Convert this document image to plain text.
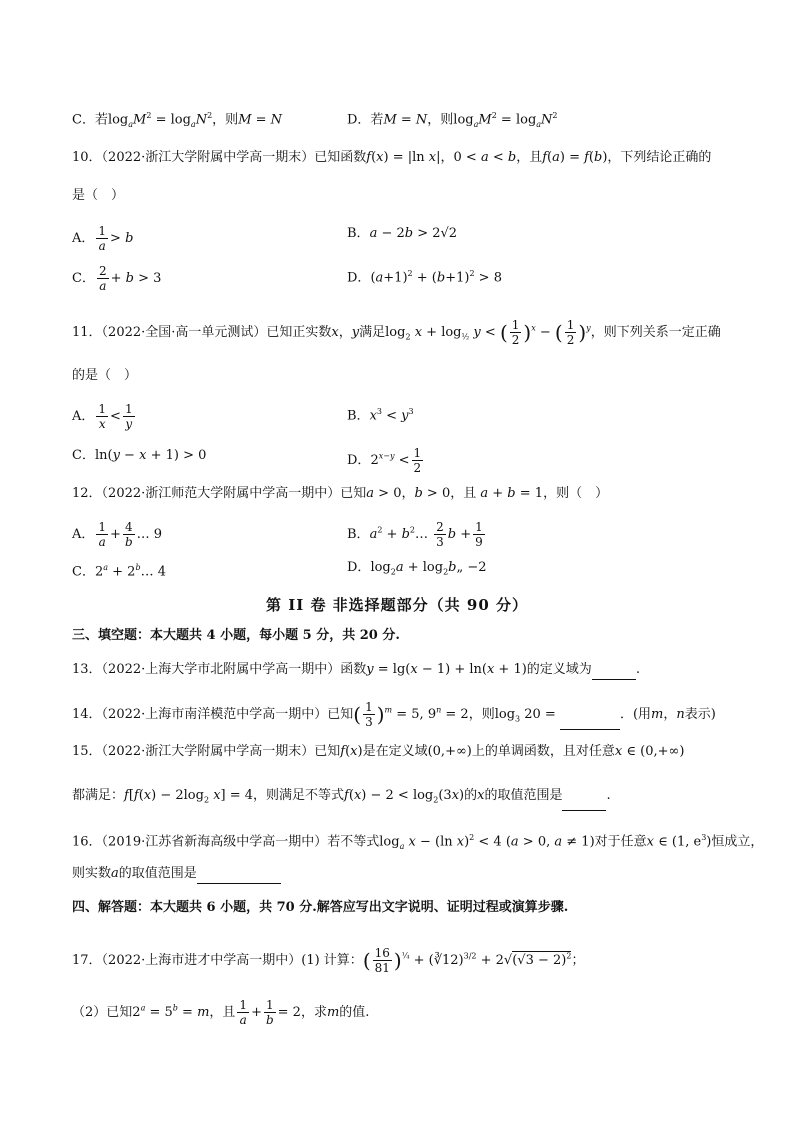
C．若$\log_aM^2 = \log_aN^2$，则M = N	D．若M = N，则$\log_aM^2 = \log_aN^2$
10．（2022·浙江大学附属中学高一期末）已知函数f(x) = |ln x|，0 < a < b，且f(a) = f(b)，下列结论正确的
是（　）
A． $\frac{1}{a} > b$	B．a − 2b > 2√2
C． $\frac{2}{a} + b > 3$	D．$(a+1)^2 + (b+1)^2 > 8$
11．（2022·全国·高一单元测试）已知正实数x，y满足$\log_2 x + \log_{\frac{1}{2}} y$ < ( $\frac{1}{2} )^x$ − ( $\frac{1}{2} )^y$，则下列关系一定正确
的是（　）
A． $\frac{1}{x} < \frac{1}{y}$	B．$x^3 < y^3$
C．ln(y − x + 1) > 0	D．$2^{x-y} < \frac{1}{2}$
12．（2022·浙江师范大学附属中学高一期中）已知a > 0，b > 0，且 a + b = 1，则（　）
A． $\frac{1}{a} + \frac{4}{b}$ … 9	B．$a^2$ + $b^2\dots \frac{2}{3}$ $b + \frac{1}{9}$
C．$2^a$ + $2^b\dots$ 4	D．$\log_2a$ + $\log_2b„ -2$
第 II 卷 非选择题部分（共 90 分）
三、填空题：本大题共 4 小题，每小题 5 分，共 20 分.
13．（2022·上海大学市北附属中学高一期中）函数y = lg(x − 1) + ln(x + 1)的定义域为	.
14．（2022·上海市南洋模范中学高一期中）已知( $\frac{1}{3} )^m = 5$, $9^n = 2$，则$\log_3 20$ =	．(用m，n表示)
15．（2022·浙江大学附属中学高一期末）已知f(x)是在定义域(0,+∞)上的单调函数，且对任意x ∈ (0,+∞)
都满足：$f[f(x) - 2\log_2$ x] = 4，则满足不等式$f(x) - 2 < \log_2(3x)$的x的取值范围是	.
16．（2019·江苏省新海高级中学高一期中）若不等式$\log_a x - (\ln$ x)$^2$ < 4 (a > 0, a ≠ 1)对于任意x ∈ (1, $e^3$)恒成立，
则实数a的取值范围是
四、解答题：本大题共 6 小题，共 70 分.解答应写出文字说明、证明过程或演算步骤.
17．（2022·上海市进才中学高一期中）(1) 计算：( $\frac{16}{81} )^{\frac{1}{4}}$ + (∛12)$^{3/2}$ + $2√(√3 - 2)^2$；
（2）已知$2^a = 5^b = m$，且 $\frac{1}{a} + \frac{1}{b} = 2$，求m的值.
